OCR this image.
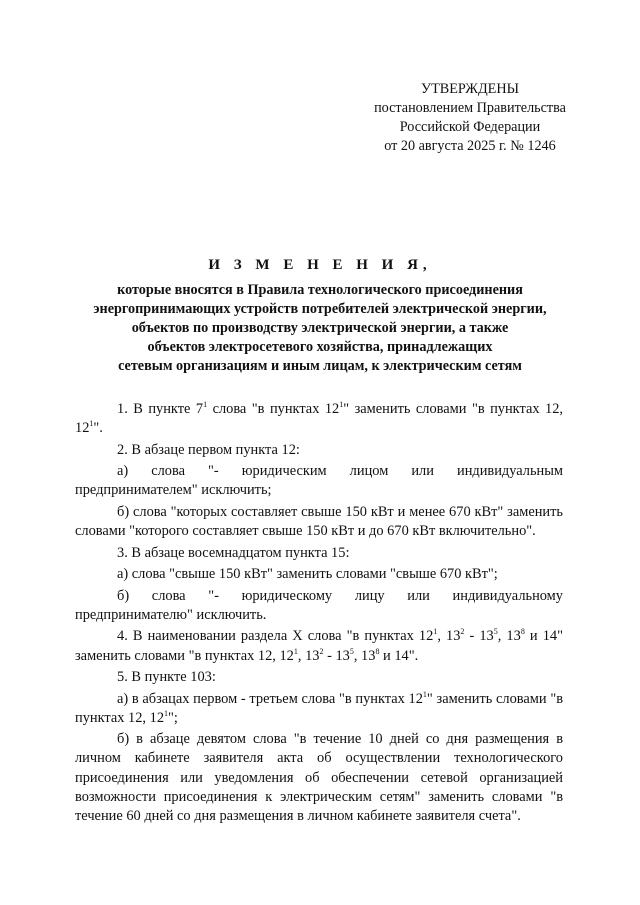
УТВЕРЖДЕНЫ
постановлением Правительства
Российской Федерации
от 20 августа 2025 г. № 1246
И З М Е Н Е Н И Я,
которые вносятся в Правила технологического присоединения
энергопринимающих устройств потребителей электрической энергии,
объектов по производству электрической энергии, а также
объектов электросетевого хозяйства, принадлежащих
сетевым организациям и иным лицам, к электрическим сетям

1. В пункте $7^1$ слова "в пунктах $12^1$" заменить словами "в пунктах 12, $12^1$".

2. В абзаце первом пункта 12:

а) слова "- юридическим лицом или индивидуальным предпринимателем" исключить;

б) слова "которых составляет свыше 150 кВт и менее 670 кВт" заменить словами "которого составляет свыше 150 кВт и до 670 кВт включительно".

3. В абзаце восемнадцатом пункта 15:

а) слова "свыше 150 кВт" заменить словами "свыше 670 кВт";

б) слова "- юридическому лицу или индивидуальному предпринимателю" исключить.

4. В наименовании раздела X слова "в пунктах $12^1$, $13^2 - 13^5$, $13^8$ и 14" заменить словами "в пунктах 12, $12^1$, $13^2 - 13^5$, $13^8$ и 14".

5. В пункте 103:

а) в абзацах первом - третьем слова "в пунктах $12^1$" заменить словами "в пунктах 12, $12^1$";

б) в абзаце девятом слова "в течение 10 дней со дня размещения в личном кабинете заявителя акта об осуществлении технологического присоединения или уведомления об обеспечении сетевой организацией возможности присоединения к электрическим сетям" заменить словами "в течение 60 дней со дня размещения в личном кабинете заявителя счета".
